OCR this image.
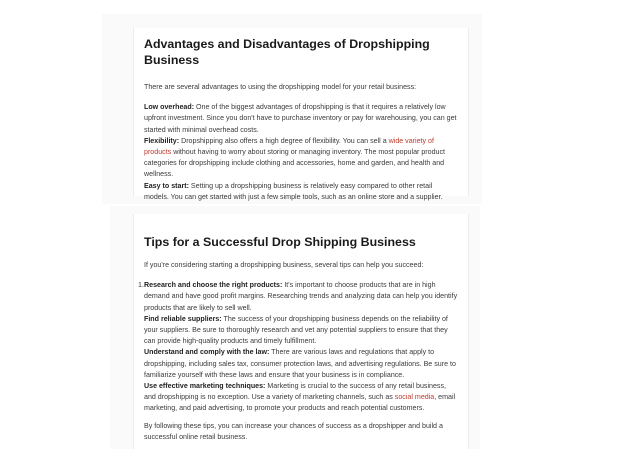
Advantages and Disadvantages of Dropshipping Business

There are several advantages to using the dropshipping model for your retail business:

Low overhead: One of the biggest advantages of dropshipping is that it requires a relatively low upfront investment. Since you don't have to purchase inventory or pay for warehousing, you can get started with minimal overhead costs.
Flexibility: Dropshipping also offers a high degree of flexibility. You can sell a wide variety of products without having to worry about storing or managing inventory. The most popular product categories for dropshipping include clothing and accessories, home and garden, and health and wellness.
Easy to start: Setting up a dropshipping business is relatively easy compared to other retail models. You can get started with just a few simple tools, such as an online store and a supplier.
Tips for a Successful Drop Shipping Business

If you're considering starting a dropshipping business, several tips can help you succeed:

1. Research and choose the right products: It's important to choose products that are in high demand and have good profit margins. Researching trends and analyzing data can help you identify products that are likely to sell well.
Find reliable suppliers: The success of your dropshipping business depends on the reliability of your suppliers. Be sure to thoroughly research and vet any potential suppliers to ensure that they can provide high-quality products and timely fulfillment.
Understand and comply with the law: There are various laws and regulations that apply to dropshipping, including sales tax, consumer protection laws, and advertising regulations. Be sure to familiarize yourself with these laws and ensure that your business is in compliance.
Use effective marketing techniques: Marketing is crucial to the success of any retail business, and dropshipping is no exception. Use a variety of marketing channels, such as social media, email marketing, and paid advertising, to promote your products and reach potential customers.

By following these tips, you can increase your chances of success as a dropshipper and build a successful online retail business.
